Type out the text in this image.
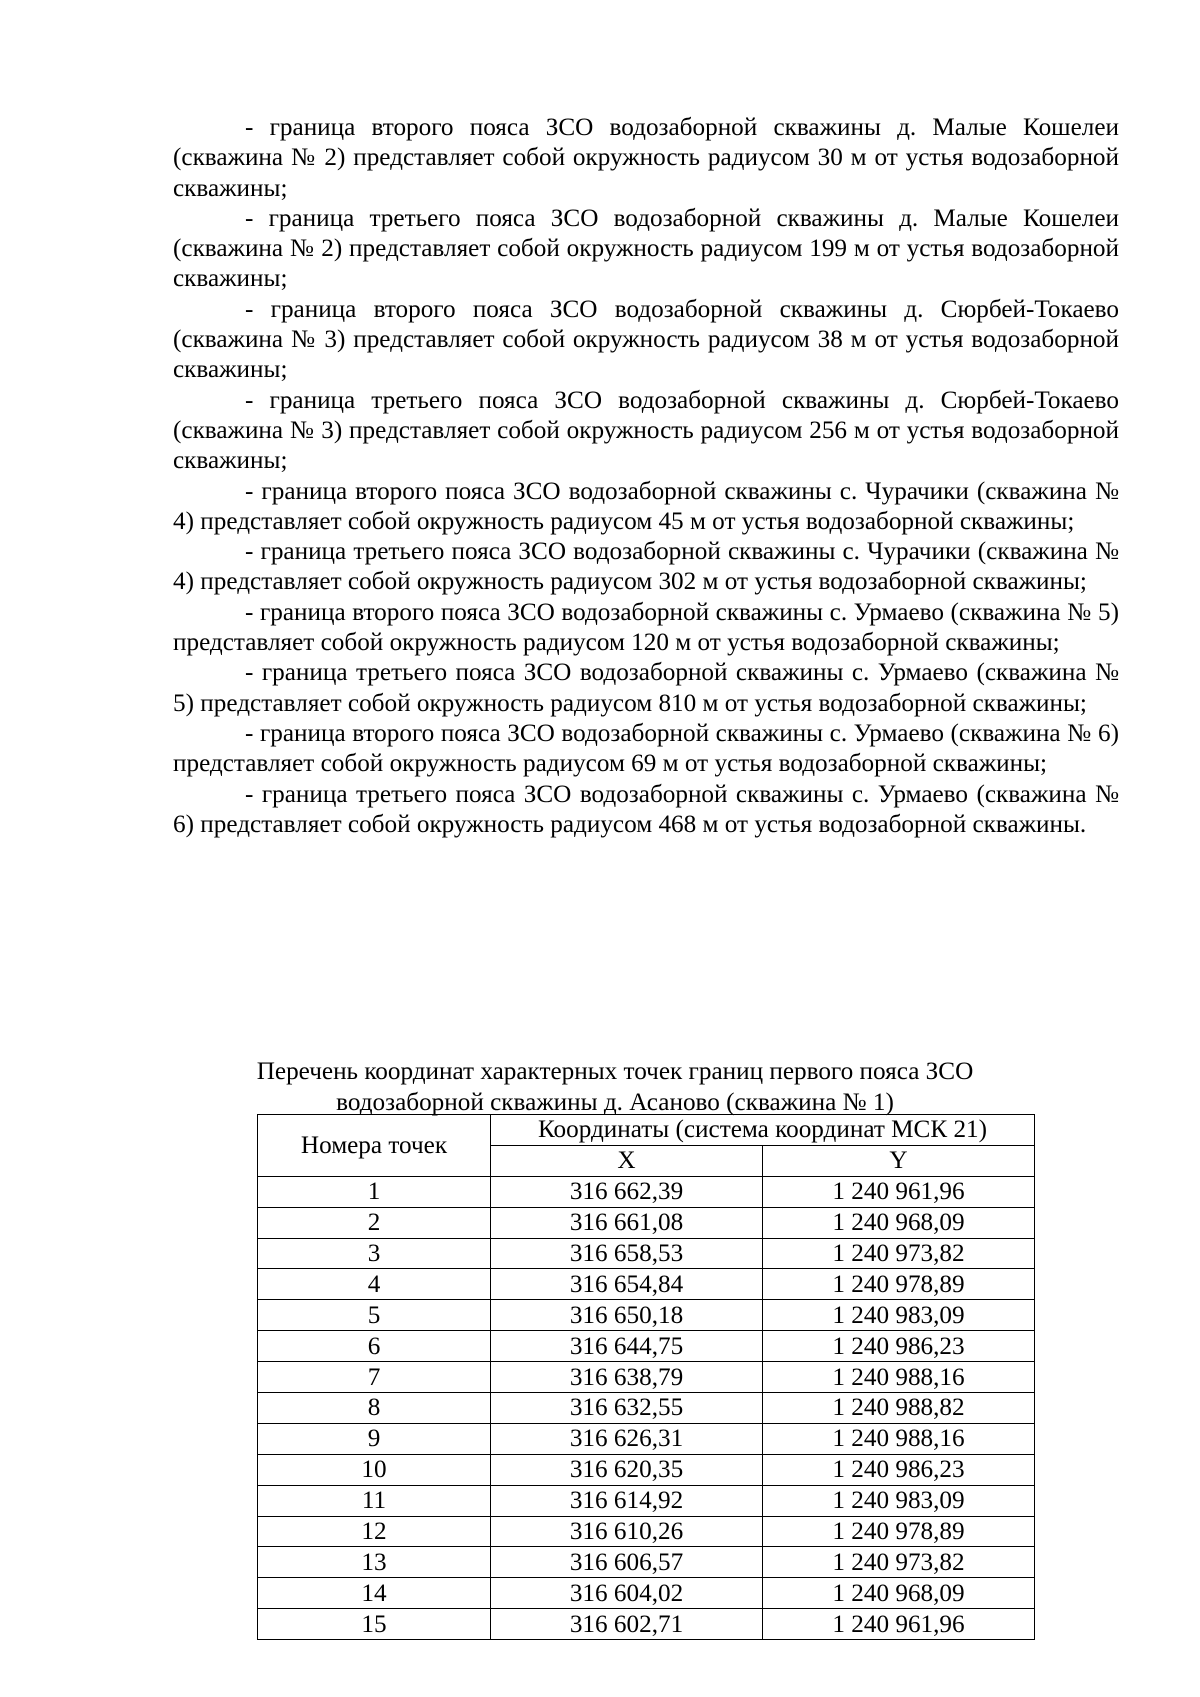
- граница второго пояса ЗСО водозаборной скважины д. Малые Кошелеи (скважина № 2) представляет собой окружность радиусом 30 м от устья водозаборной скважины;

- граница третьего пояса ЗСО водозаборной скважины д. Малые Кошелеи (скважина № 2) представляет собой окружность радиусом 199 м от устья водозаборной скважины;

- граница второго пояса ЗСО водозаборной скважины д. Сюрбей-Токаево (скважина № 3) представляет собой окружность радиусом 38 м от устья водозаборной скважины;

- граница третьего пояса ЗСО водозаборной скважины д. Сюрбей-Токаево (скважина № 3) представляет собой окружность радиусом 256 м от устья водозаборной скважины;

- граница второго пояса ЗСО водозаборной скважины с. Чурачики (скважина № 4) представляет собой окружность радиусом 45 м от устья водозаборной скважины;

- граница третьего пояса ЗСО водозаборной скважины с. Чурачики (скважина № 4) представляет собой окружность радиусом 302 м от устья водозаборной скважины;

- граница второго пояса ЗСО водозаборной скважины с. Урмаево (скважина № 5) представляет собой окружность радиусом 120 м от устья водозаборной скважины;

- граница третьего пояса ЗСО водозаборной скважины с. Урмаево (скважина № 5) представляет собой окружность радиусом 810 м от устья водозаборной скважины;

- граница второго пояса ЗСО водозаборной скважины с. Урмаево (скважина № 6) представляет собой окружность радиусом 69 м от устья водозаборной скважины;

- граница третьего пояса ЗСО водозаборной скважины с. Урмаево (скважина № 6) представляет собой окружность радиусом 468 м от устья водозаборной скважины.

Перечень координат характерных точек границ первого пояса ЗСО
водозаборной скважины д. Асаново (скважина № 1)
Номера точек	Координаты (система координат МСК 21)	
	X	Y
1	316 662,39	1 240 961,96
2	316 661,08	1 240 968,09
3	316 658,53	1 240 973,82
4	316 654,84	1 240 978,89
5	316 650,18	1 240 983,09
6	316 644,75	1 240 986,23
7	316 638,79	1 240 988,16
8	316 632,55	1 240 988,82
9	316 626,31	1 240 988,16
10	316 620,35	1 240 986,23
11	316 614,92	1 240 983,09
12	316 610,26	1 240 978,89
13	316 606,57	1 240 973,82
14	316 604,02	1 240 968,09
15	316 602,71	1 240 961,96
